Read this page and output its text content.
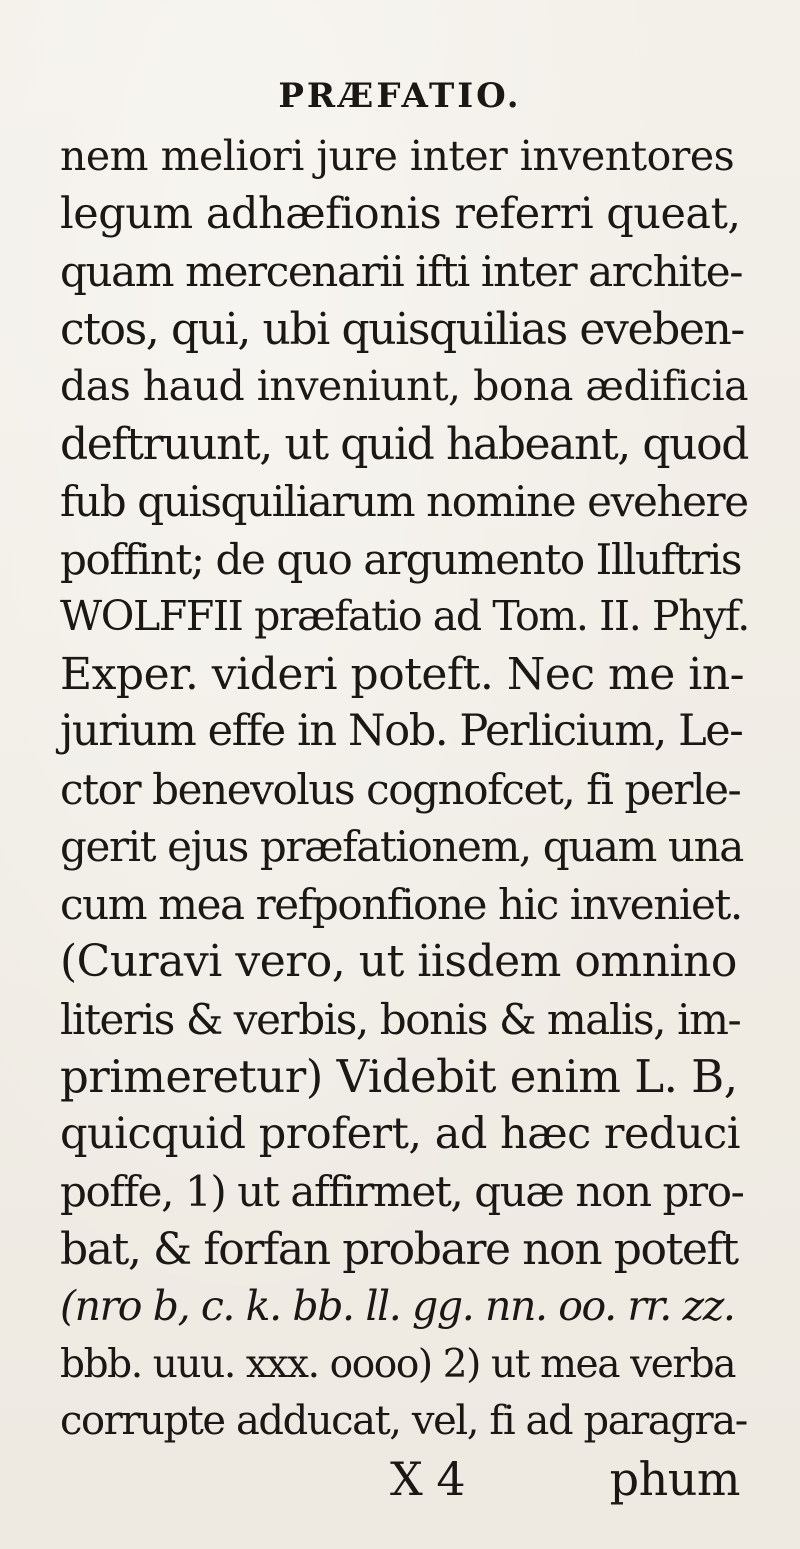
PRÆFATIO.
nem meliori jure inter inventores
legum adhæfionis referri queat,
quam mercenarii ifti inter archite-
ctos, qui, ubi quisquilias eveben-
das haud inveniunt, bona ædificia
deftruunt, ut quid habeant, quod
fub quisquiliarum nomine evehere
poffint; de quo argumento Illuftris
WOLFFII præfatio ad Tom. II. Phyf.
Exper. videri poteft. Nec me in-
jurium effe in Nob. Perlicium, Le-
ctor benevolus cognofcet, fi perle-
gerit ejus præfationem, quam una
cum mea refponfione hic inveniet.
(Curavi vero, ut iisdem omnino
literis & verbis, bonis & malis, im-
primeretur) Videbit enim L. B,
quicquid profert, ad hæc reduci
poffe, 1) ut affirmet, quæ non pro-
bat, & forfan probare non poteft
(nro b, c. k. bb. ll. gg. nn. oo. rr. zz.
bbb. uuu. xxx. oooo) 2) ut mea verba
corrupte adducat, vel, fi ad paragra-
X 4	phum
